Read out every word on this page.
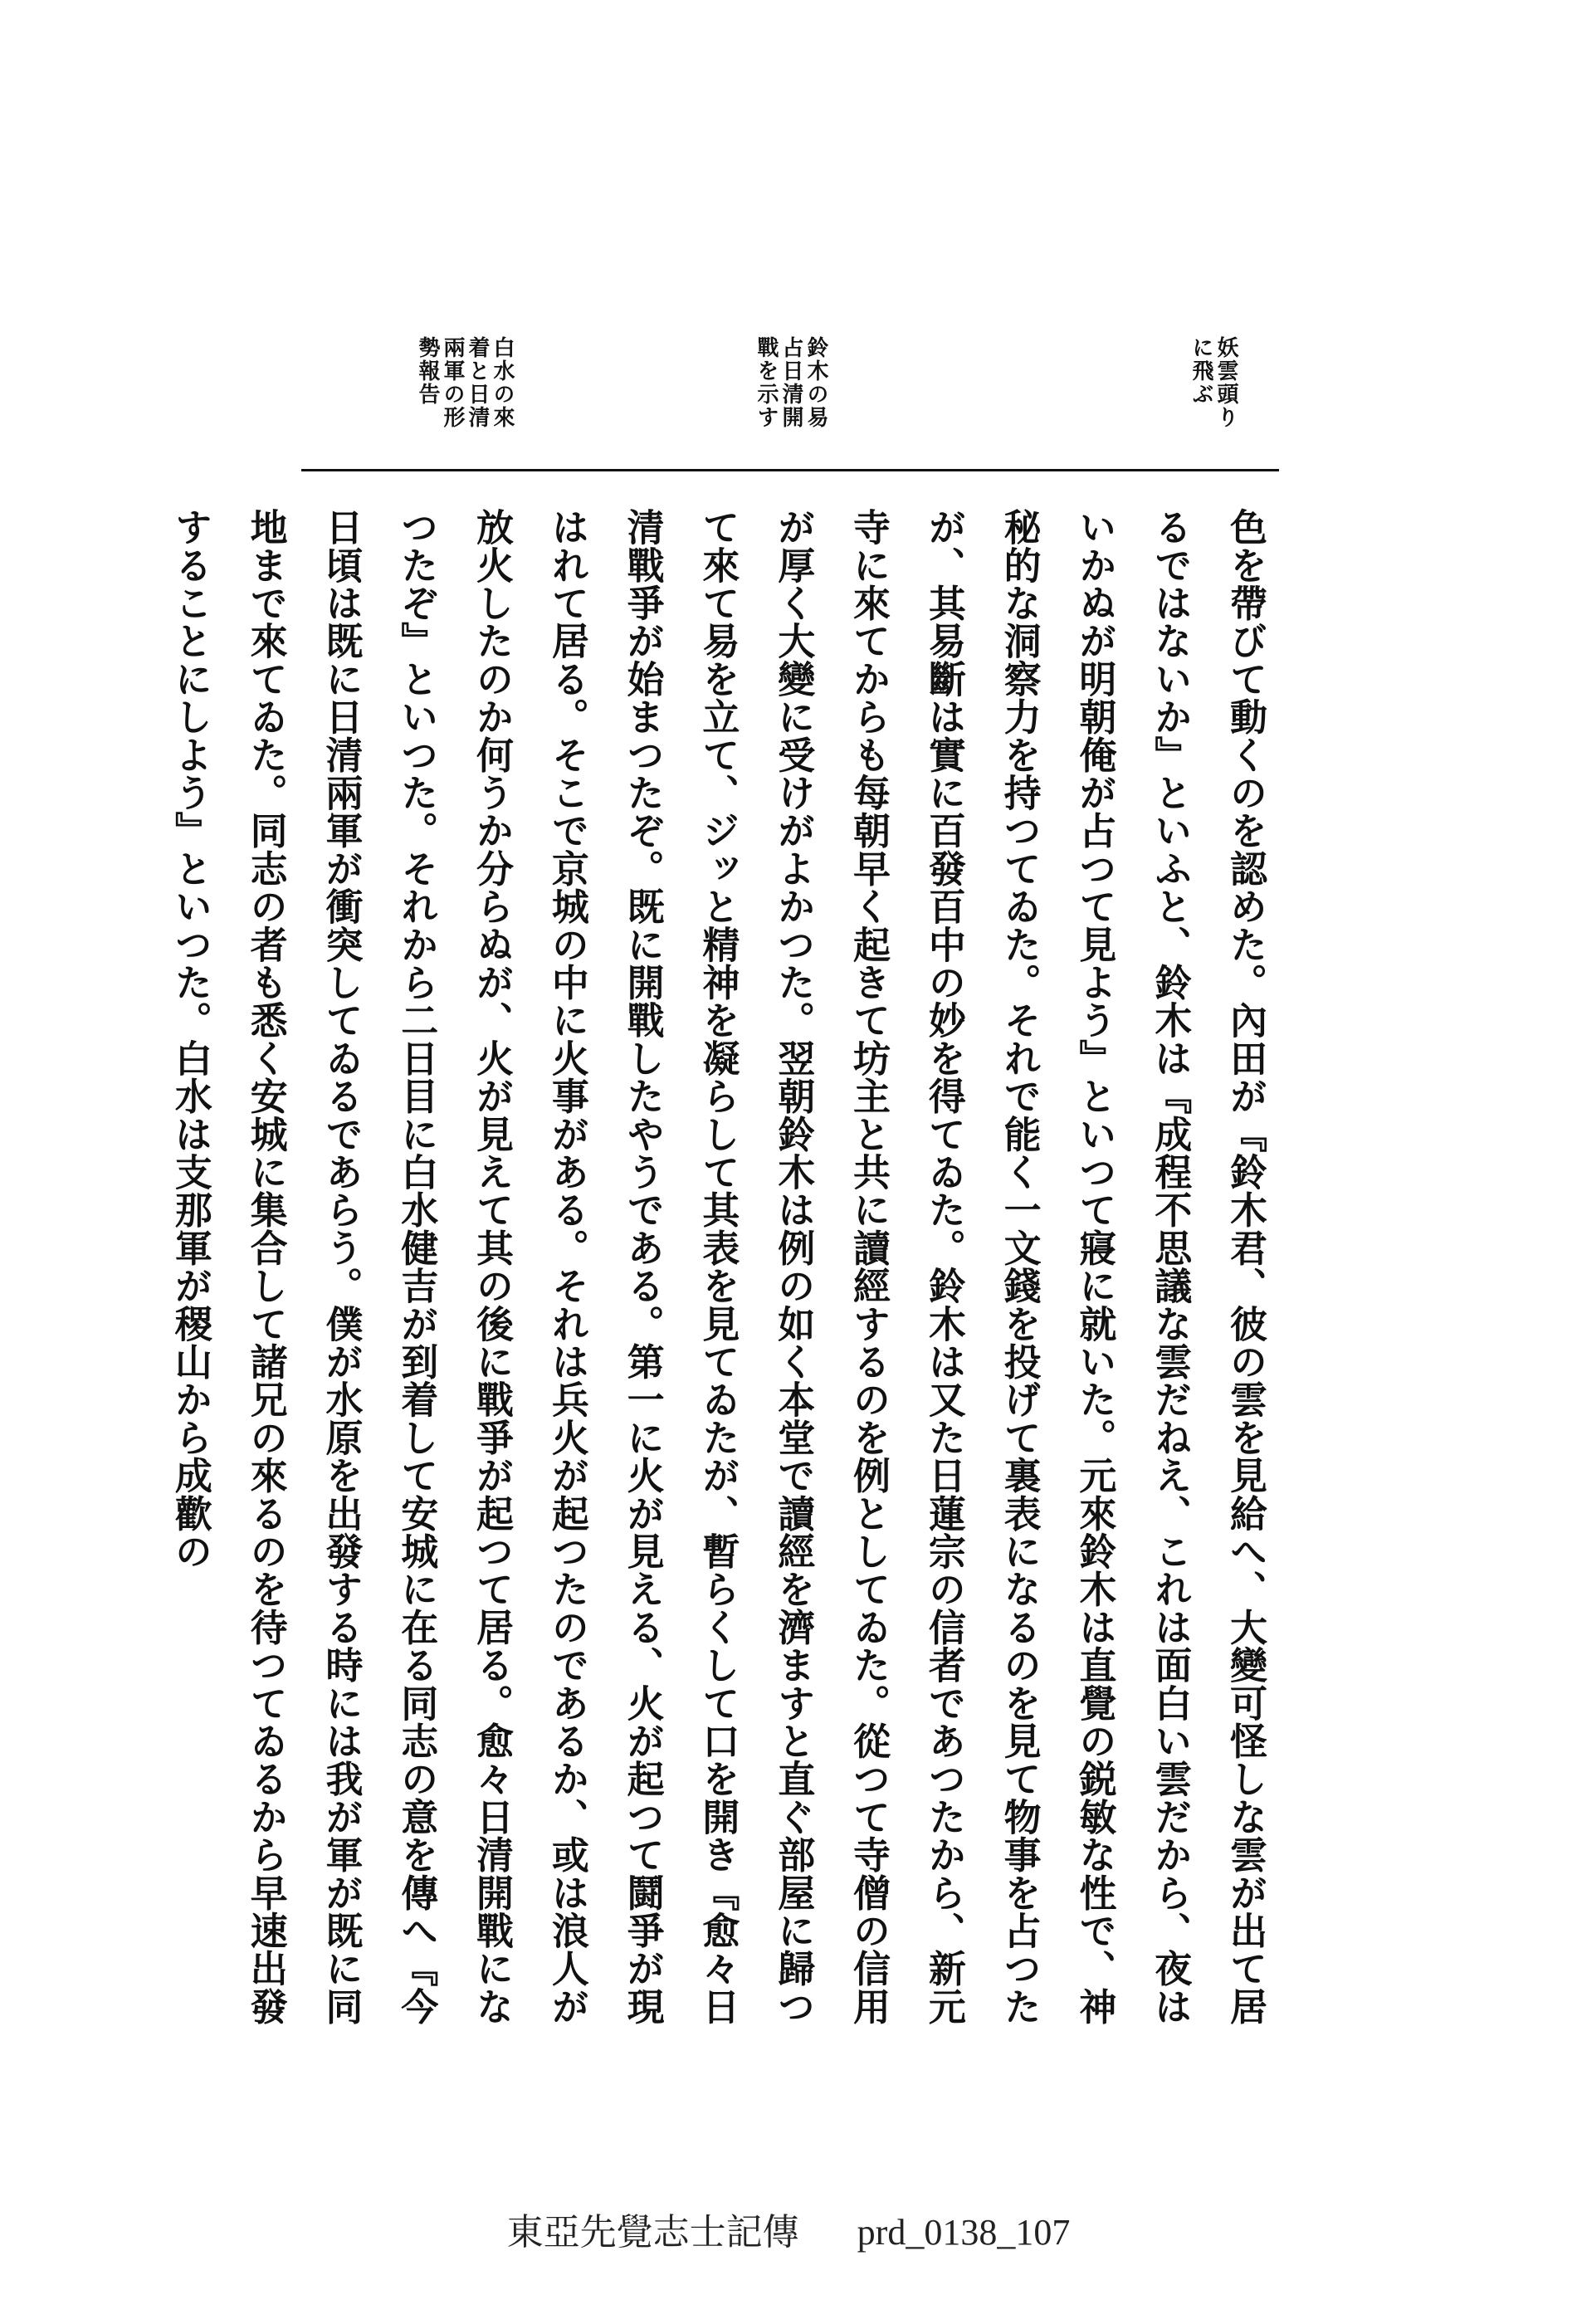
妖雲頭り
に飛ぶ
鈴木の易
占日清開
戰を示す
白水の來
着と日清
兩軍の形
勢報告

色を帶びて動くのを認めた。內田が『鈴木君、彼の雲を見給へ、大變可怪しな雲が出て居るではないか』といふと、鈴木は『成程不思議な雲だねえ、これは面白い雲だから、夜はいかぬが明朝俺が占つて見よう』といつて寢に就いた。元來鈴木は直覺の鋭敏な性で、神秘的な洞察力を持つてゐた。それで能く一文錢を投げて裏表になるのを見て物事を占つたが、其易斷は實に百發百中の妙を得てゐた。鈴木は又た日蓮宗の信者であつたから、新元寺に來てからも每朝早く起きて坊主と共に讀經するのを例としてゐた。從つて寺僧の信用が厚く大變に受けがよかつた。翌朝鈴木は例の如く本堂で讀經を濟ますと直ぐ部屋に歸つて來て易を立て、ジッと精神を凝らして其表を見てゐたが、暫らくして口を開き『愈々日清戰爭が始まつたぞ。既に開戰したやうである。第一に火が見える、火が起つて鬪爭が現はれて居る。そこで京城の中に火事がある。それは兵火が起つたのであるか、或は浪人が放火したのか何うか分らぬが、火が見えて其の後に戰爭が起つて居る。愈々日清開戰になつたぞ』といつた。それから二日目に白水健吉が到着して安城に在る同志の意を傳へ『今日頃は既に日清兩軍が衝突してゐるであらう。僕が水原を出發する時には我が軍が既に同地まで來てゐた。同志の者も悉く安城に集合して諸兄の來るのを待つてゐるから早速出發することにしよう』といつた。白水は支那軍が稷山から成歡の

東亞先覺志士記傳 prd_0138_107
